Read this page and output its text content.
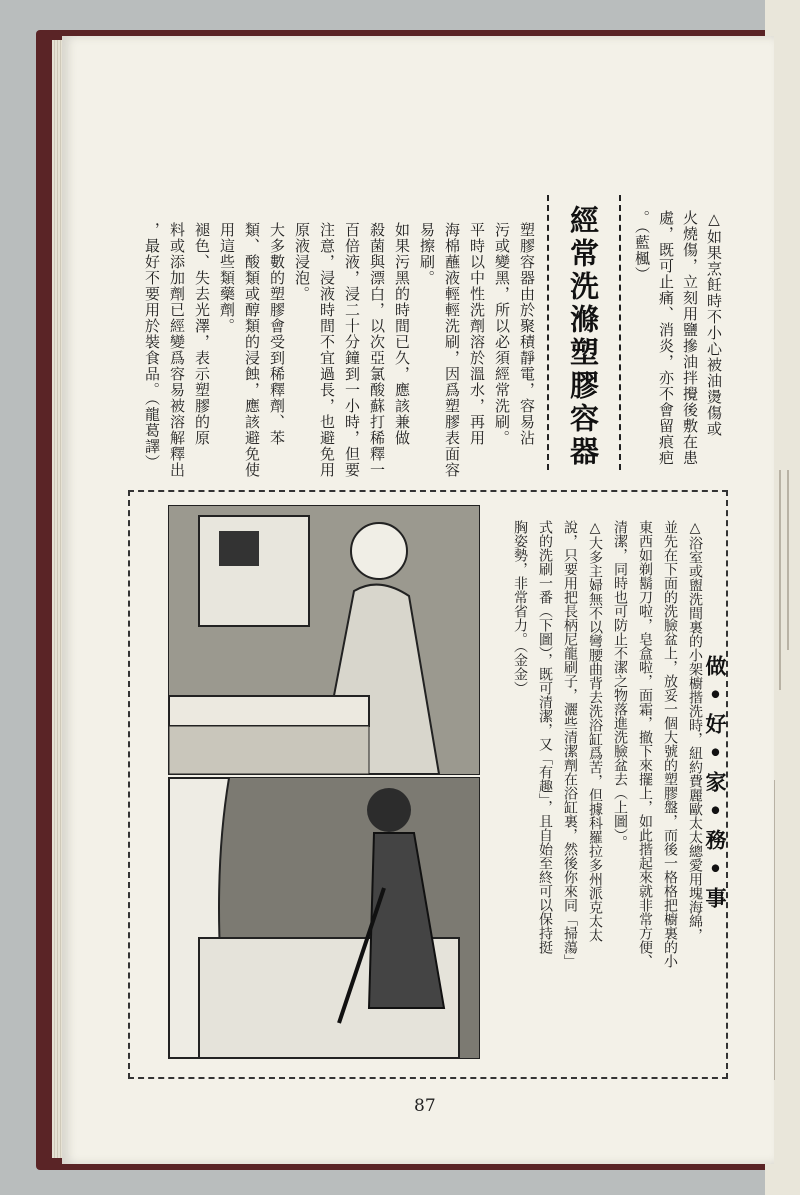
△如果烹飪時不小心被油燙傷或
火燒傷，立刻用鹽摻油拌攪後敷在患
處，既可止痛、消炎，亦不會留痕疤
。（藍楓）
經常洗滌塑膠容器
塑膠容器由於聚積靜電，容易沾
污或變黑，所以必須經常洗刷。
平時以中性洗劑溶於溫水，再用
海棉蘸液輕輕洗刷，因爲塑膠表面容
易擦刷。
如果污黑的時間已久，應該兼做
殺菌與漂白，以次亞氯酸蘇打稀釋一
百倍液，浸二十分鐘到一小時，但要
注意，浸液時間不宜過長，也避免用
原液浸泡。
大多數的塑膠會受到稀釋劑、苯
類、酸類或醇類的浸蝕，應該避免使
用這些類藥劑。
褪色、失去光澤，表示塑膠的原
料或添加劑已經變爲容易被溶解釋出
，最好不要用於裝食品。（龍葛譯）
△浴室或盥洗間裏的小架櫥揩洗時，紐約費麗歐太太總愛用塊海綿，
並先在下面的洗臉盆上，放妥一個大號的塑膠盤，而後一格格把櫥裏的小
東西如剃鬍刀啦，皂盒啦，面霜，撤下來擺上，如此揩起來就非常方便、
清潔，同時也可防止不潔之物落進洗臉盆去（上圖）。
△大多主婦無不以彎腰曲背去洗浴缸爲苦，但據科羅拉多州派克太太
說，只要用把長柄尼龍刷子，灑些清潔劑在浴缸裏，然後你來同「掃蕩」
式的洗刷一番（下圖），既可清潔，又「有趣」，且自始至終可以保持挺
胸姿勢，非常省力。（金金）
做•好•家•務•事
87
